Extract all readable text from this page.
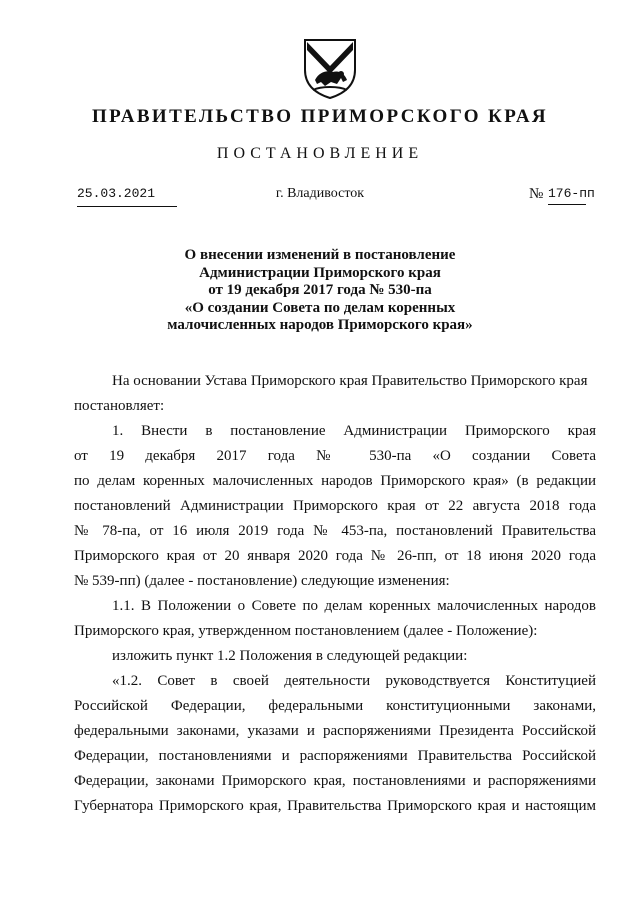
ПРАВИТЕЛЬСТВО ПРИМОРСКОГО КРАЯ
ПОСТАНОВЛЕНИЕ
25.03.2021	г. Владивосток	№ 176-пп
О внесении изменений в постановление
Администрации Приморского края
от 19 декабря 2017 года № 530-па
«О создании Совета по делам коренных
малочисленных народов Приморского края»
На основании Устава Приморского края Правительство Приморского края
постановляет:
1. Внести в постановление Администрации Приморского края
от 19 декабря 2017 года № 530-па «О создании Совета
по делам коренных малочисленных народов Приморского края» (в редакции
постановлений Администрации Приморского края от 22 августа 2018 года
№ 78-па, от 16 июля 2019 года № 453-па, постановлений Правительства
Приморского края от 20 января 2020 года № 26-пп, от 18 июня 2020 года
№ 539-пп) (далее - постановление) следующие изменения:
1.1. В Положении о Совете по делам коренных малочисленных народов
Приморского края, утвержденном постановлением (далее - Положение):
изложить пункт 1.2 Положения в следующей редакции:
«1.2. Совет в своей деятельности руководствуется Конституцией
Российской Федерации, федеральными конституционными законами,
федеральными законами, указами и распоряжениями Президента Российской
Федерации, постановлениями и распоряжениями Правительства Российской
Федерации, законами Приморского края, постановлениями и распоряжениями
Губернатора Приморского края, Правительства Приморского края и настоящим
